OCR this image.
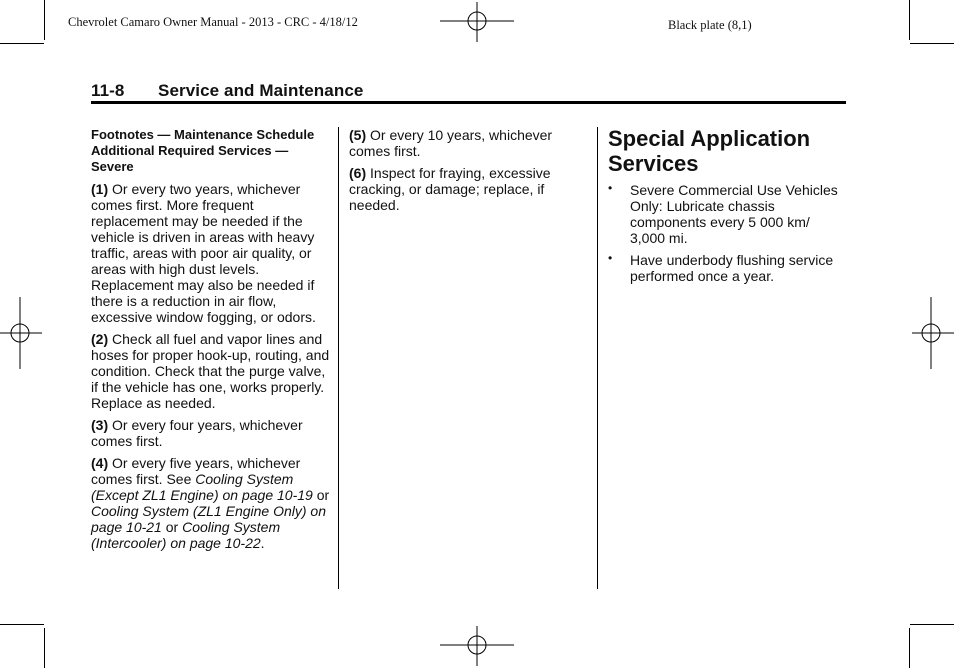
Chevrolet Camaro Owner Manual - 2013 - CRC - 4/18/12	Black plate (8,1)
11-8 Service and Maintenance
Footnotes — Maintenance Schedule Additional Required Services — Severe

(1) Or every two years, whichever comes first. More frequent replacement may be needed if the vehicle is driven in areas with heavy traffic, areas with poor air quality, or areas with high dust levels. Replacement may also be needed if there is a reduction in air flow, excessive window fogging, or odors.

(2) Check all fuel and vapor lines and hoses for proper hook-up, routing, and condition. Check that the purge valve, if the vehicle has one, works properly. Replace as needed.

(3) Or every four years, whichever comes first.

(4) Or every five years, whichever comes first. See Cooling System (Except ZL1 Engine) on page 10-19 or Cooling System (ZL1 Engine Only) on page 10-21 or Cooling System (Intercooler) on page 10-22.

(5) Or every 10 years, whichever comes first.

(6) Inspect for fraying, excessive cracking, or damage; replace, if needed.

Special Application Services
• Severe Commercial Use Vehicles Only: Lubricate chassis components every 5 000 km/ 3,000 mi.
• Have underbody flushing service performed once a year.
